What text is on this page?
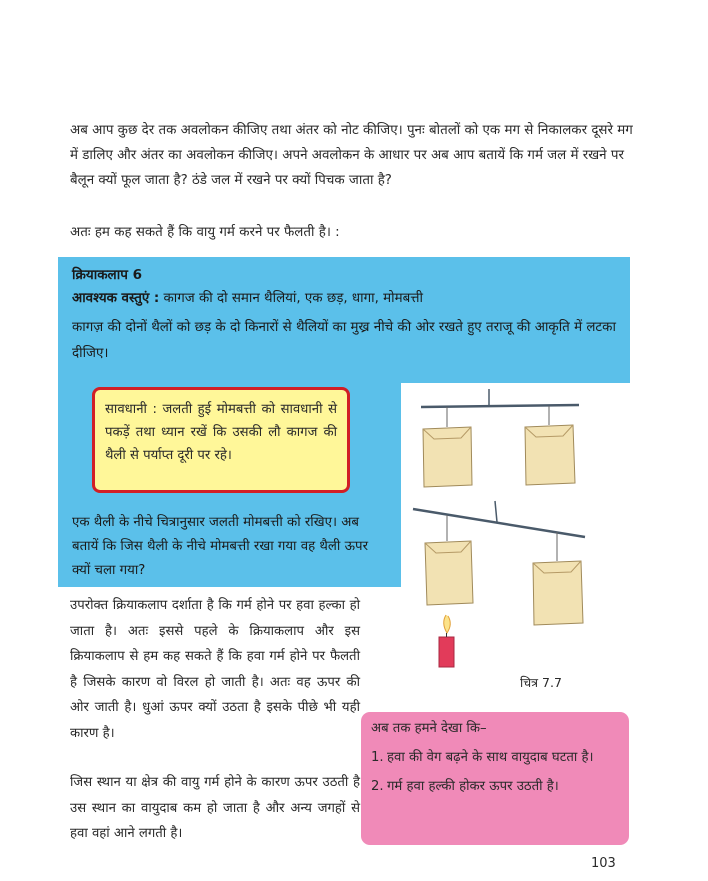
अब आप कुछ देर तक अवलोकन कीजिए तथा अंतर को नोट कीजिए। पुनः बोतलों को एक मग से निकालकर दूसरे मग में डालिए और अंतर का अवलोकन कीजिए। अपने अवलोकन के आधार पर अब आप बतायें कि गर्म जल में रखने पर बैलून क्यों फूल जाता है? ठंडे जल में रखने पर क्यों पिचक जाता है?

अतः हम कह सकते हैं कि वायु गर्म करने पर फैलती है। :

क्रियाकलाप 6
आवश्यक वस्तुएं : कागज की दो समान थैलियां, एक छड़, धागा, मोमबत्ती
कागज़ की दोनों थैलों को छड़ के दो किनारों से थैलियों का मुख्र नीचे की ओर रखते हुए तराजू की आकृति में लटका दीजिए।
सावधानी : जलती हुई मोमबत्ती को सावधानी से पकड़ें तथा ध्यान रखें कि उसकी लौ कागज की थैली से पर्याप्त दूरी पर रहे।
एक थैली के नीचे चित्रानुसार जलती मोमबत्ती को रखिए। अब बतायें कि जिस थैली के नीचे मोमबत्ती रखा गया वह थैली ऊपर क्यों चला गया?
चित्र 7.7

उपरोक्त क्रियाकलाप दर्शाता है कि गर्म होने पर हवा हल्का हो जाता है। अतः इससे पहले के क्रियाकलाप और इस क्रियाकलाप से हम कह सकते हैं कि हवा गर्म होने पर फैलती है जिसके कारण वो विरल हो जाती है। अतः वह ऊपर की ओर जाती है। धुआं ऊपर क्यों उठता है इसके पीछे भी यही कारण है।

जिस स्थान या क्षेत्र की वायु गर्म होने के कारण ऊपर उठती है उस स्थान का वायुदाब कम हो जाता है और अन्य जगहों से हवा वहां आने लगती है।

अब तक हमने देखा कि–
1. हवा की वेग बढ़ने के साथ वायुदाब घटता है।
2. गर्म हवा हल्की होकर ऊपर उठती है।
103
